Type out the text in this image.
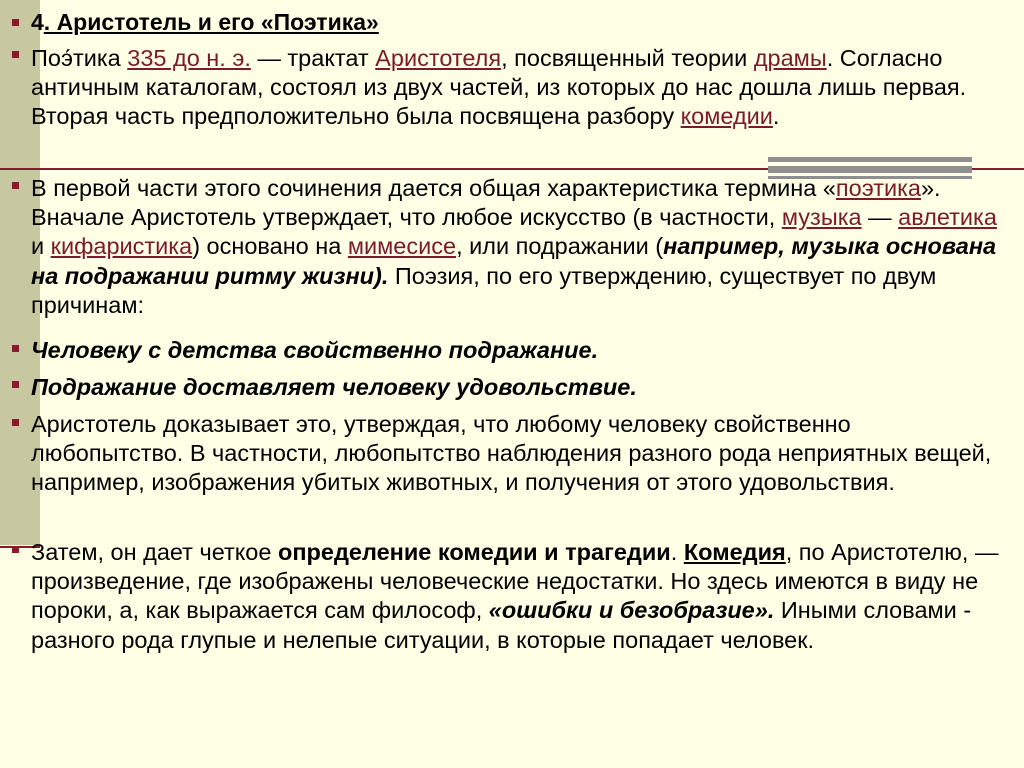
4. Аристотель и его «Поэтика»
Поэ́тика 335 до н. э. — трактат Аристотеля, посвященный теории драмы. Согласно античным каталогам, состоял из двух частей, из которых до нас дошла лишь первая. Вторая часть предположительно была посвящена разбору комедии.
В первой части этого сочинения дается общая характеристика термина «поэтика». Вначале Аристотель утверждает, что любое искусство (в частности, музыка — авлетика и кифаристика) основано на мимесисе, или подражании (например, музыка основана на подражании ритму жизни). Поэзия, по его утверждению, существует по двум причинам:
Человеку с детства свойственно подражание.
Подражание доставляет человеку удовольствие.
Аристотель доказывает это, утверждая, что любому человеку свойственно любопытство. В частности, любопытство наблюдения разного рода неприятных вещей, например, изображения убитых животных, и получения от этого удовольствия.
Затем, он дает четкое определение комедии и трагедии. Комедия, по Аристотелю, — произведение, где изображены человеческие недостатки. Но здесь имеются в виду не пороки, а, как выражается сам философ, «ошибки и безобразие». Иными словами - разного рода глупые и нелепые ситуации, в которые попадает человек.
